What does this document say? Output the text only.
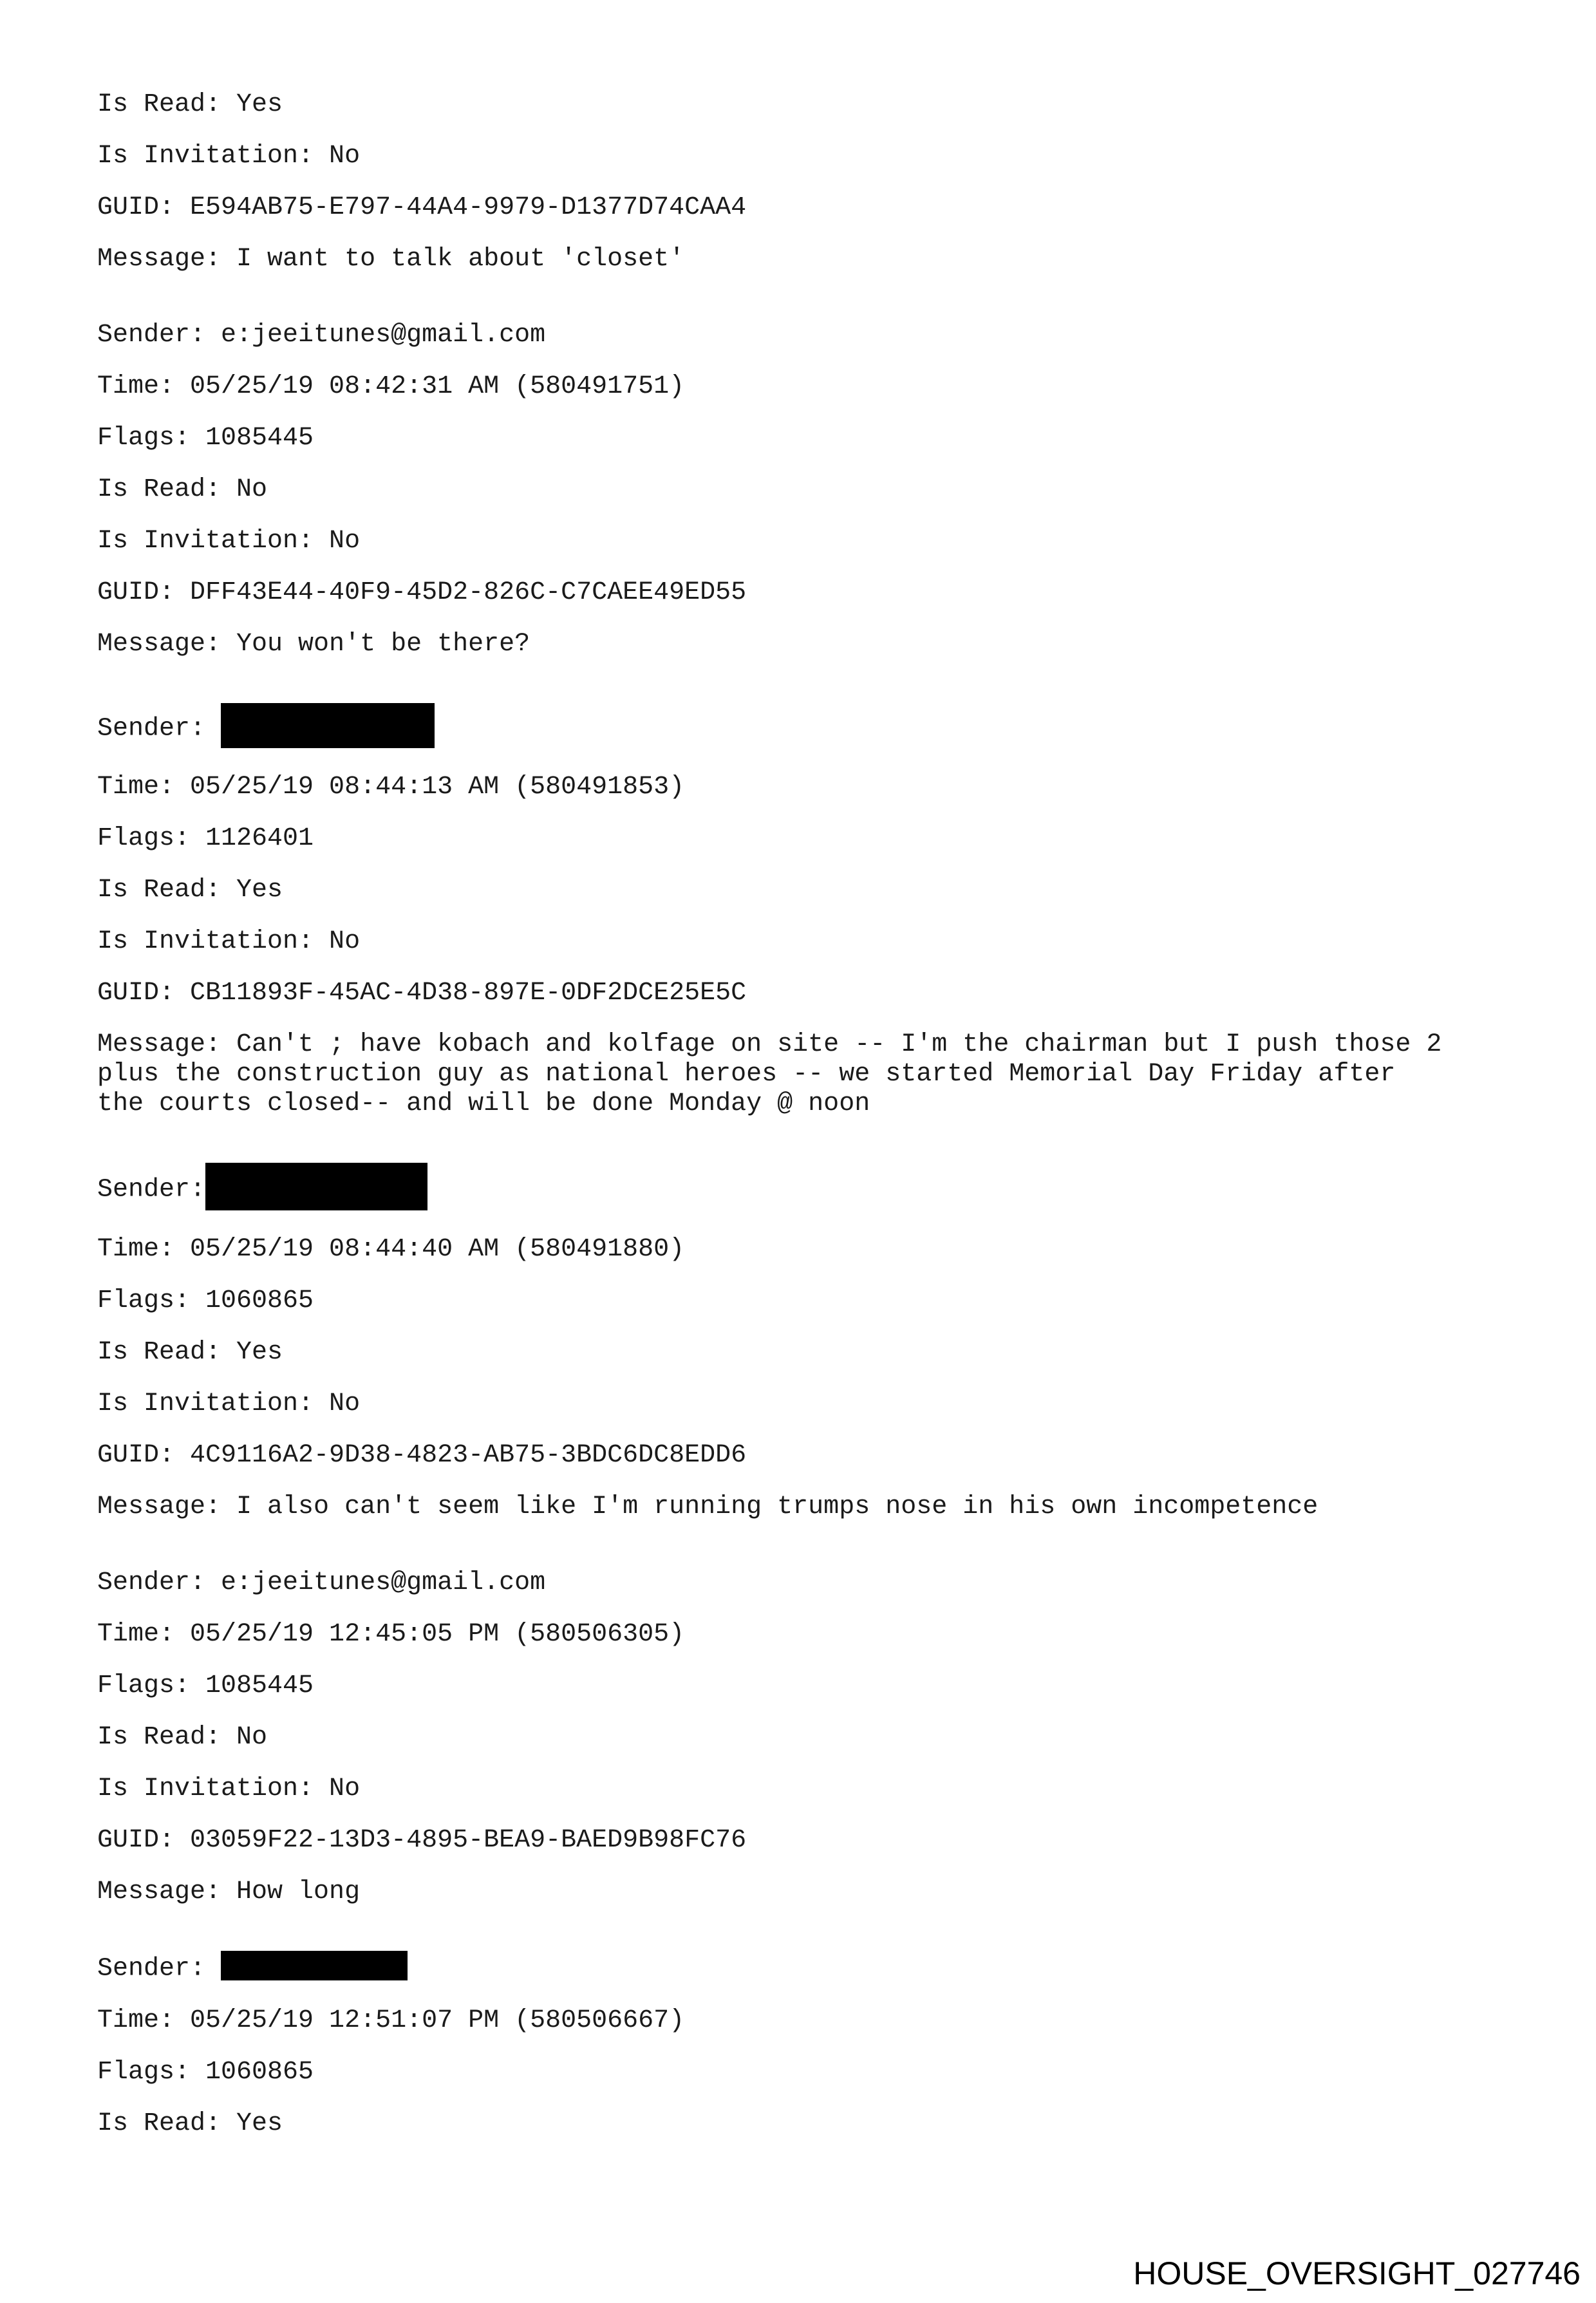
Is Read: Yes

Is Invitation: No

GUID: E594AB75-E797-44A4-9979-D1377D74CAA4

Message: I want to talk about 'closet'

Sender: e:jeeitunes@gmail.com

Time: 05/25/19 08:42:31 AM (580491751)

Flags: 1085445

Is Read: No

Is Invitation: No

GUID: DFF43E44-40F9-45D2-826C-C7CAEE49ED55

Message: You won't be there?

Sender:

Time: 05/25/19 08:44:13 AM (580491853)

Flags: 1126401

Is Read: Yes

Is Invitation: No

GUID: CB11893F-45AC-4D38-897E-0DF2DCE25E5C

Message: Can't ; have kobach and kolfage on site -- I'm the chairman but I push those 2
plus the construction guy as national heroes -- we started Memorial Day Friday after
the courts closed-- and will be done Monday @ noon

Sender:

Time: 05/25/19 08:44:40 AM (580491880)

Flags: 1060865

Is Read: Yes

Is Invitation: No

GUID: 4C9116A2-9D38-4823-AB75-3BDC6DC8EDD6

Message: I also can't seem like I'm running trumps nose in his own incompetence

Sender: e:jeeitunes@gmail.com

Time: 05/25/19 12:45:05 PM (580506305)

Flags: 1085445

Is Read: No

Is Invitation: No

GUID: 03059F22-13D3-4895-BEA9-BAED9B98FC76

Message: How long

Sender:

Time: 05/25/19 12:51:07 PM (580506667)

Flags: 1060865

Is Read: Yes

HOUSE_OVERSIGHT_027746
